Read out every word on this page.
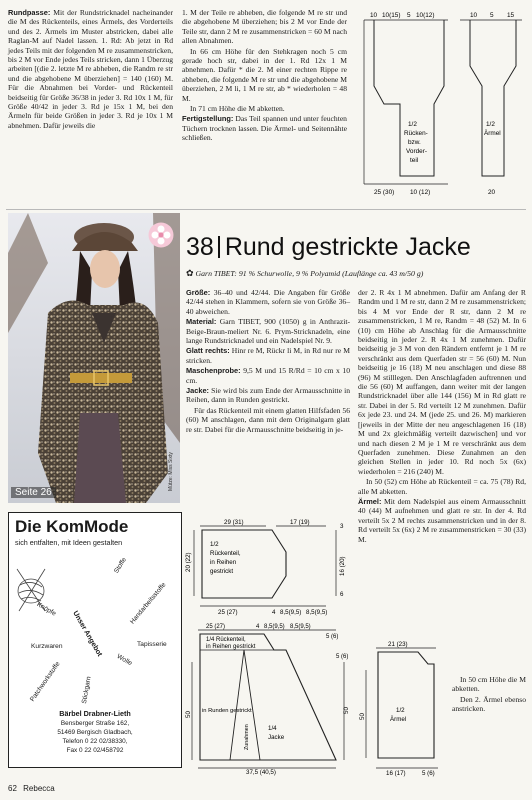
Rundpasse: Mit der Rundstricknadel nacheinander die M des Rückenteils, eines Ärmels, des Vorderteils und des 2. Ärmels im Muster abstricken, dabei alle Raglan-M auf Nadel lassen. 1. Rd: Ab jetzt in Rd jedes Teils mit der folgenden M re zusammenstricken, bis 2 M vor Ende jedes Teils stricken, dann 1 Überzug arbeiten [(die 2. letzte M re abheben, die Randm re str und die abgehobene M überziehen] = 140 (160) M. Für die Abnahmen bei Vorder- und Rückenteil beidseitig für Größe 36/38 in jeder 3. Rd 10x 1 M, für Größe 40/42 in jeder 3. Rd je 15x 1 M, bei den Ärmeln für beide Größen in jeder 3. Rd je 10x 1 M abnehmen. Dafür jeweils die

1. M der Teile re abheben, die folgende M re str und die abgehobene M überziehen; bis 2 M vor Ende der Teile str, dann 2 M re zusammenstricken = 60 M nach allen Abnahmen.

In 66 cm Höhe für den Stehkragen noch 5 cm gerade hoch str, dabei in der 1. Rd 12x 1 M abnehmen. Dafür * die 2. M einer rechten Rippe re abheben, die folgende M re str und die abgehobene M überziehen, 2 M li, 1 M re str, ab * wiederholen = 48 M.

In 71 cm Höhe die M abketten.

Fertigstellung: Das Teil spannen und unter feuchten Tüchern trocknen lassen. Die Ärmel- und Seitennähte schließen.

10 10(15) 5 10(12)	10 5 15
1/2
Rücken-
bzw.
Vorder-
teil
1/2
Ärmel
25 (30) 10 (12)	20
Seite 26
Mütze: Miss Sixty
38 Rund gestrickte Jacke
✿ Garn TIBET: 91 % Schurwolle, 9 % Polyamid (Lauflänge ca. 43 m/50 g)

Größe: 36–40 und 42/44. Die Angaben für Größe 42/44 stehen in Klammern, sofern sie von Größe 36–40 abweichen.

Material: Garn TIBET, 900 (1050) g in Anthrazit-Beige-Braun-meliert Nr. 6. Prym-Stricknadeln, eine lange Rundstricknadel und ein Nadelspiel Nr. 9.

Glatt rechts: Hinr re M, Rückr li M, in Rd nur re M stricken.

Maschenprobe: 9,5 M und 15 R/Rd = 10 cm x 10 cm.

Jacke: Sie wird bis zum Ende der Armausschnitte in Reihen, dann in Runden gestrickt.

Für das Rückenteil mit einem glatten Hilfsfaden 56 (60) M anschlagen, dann mit dem Originalgarn glatt re str. Dabei für die Armausschnitte beidseitig in je-

der 2. R 4x 1 M abnehmen. Dafür am Anfang der R Randm und 1 M re str, dann 2 M re zusammenstricken; bis 4 M vor Ende der R str, dann 2 M re zusammenstricken, 1 M re, Randm = 48 (52) M. In 6 (10) cm Höhe ab Anschlag für die Armausschnitte beidseitig in jeder 2. R 4x 1 M zunehmen. Dafür beidseitig je 3 M von den Rändern entfernt je 1 M re verschränkt aus dem Querfaden str = 56 (60) M. Nun beidseitig je 16 (18) M neu anschlagen und diese 88 (96) M stilllegen. Den Anschlagfaden auftrennen und die 56 (60) M auffangen, dann weiter mit der langen Rundstricknadel über alle 144 (156) M in Rd glatt re str. Dabei in der 5. Rd verteilt 12 M zunehmen. Dafür 6x jede 23. und 24. M (jede 25. und 26. M) markieren [jeweils in der Mitte der neu angeschlagenen 16 (18) M und 2x gleichmäßig verteilt dazwischen] und vor und nach diesen 2 M je 1 M re verschränkt aus dem Querfaden zunehmen. Diese Zunahmen an den gleichen Stellen in jeder 10. Rd noch 5x (6x) wiederholen = 216 (240) M.

In 50 (52) cm Höhe ab Rückenteil = ca. 75 (78) Rd, alle M abketten.

Ärmel: Mit dem Nadelspiel aus einem Armausschnitt 40 (44) M aufnehmen und glatt re str. In der 4. Rd verteilt 5x 2 M rechts zusammenstricken und in der 8. Rd verteilt 5x (6x) 2 M re zusammenstricken = 30 (33) M.

In 50 cm Höhe die M abketten.

Den 2. Ärmel ebenso anstricken.

Die KomMode
sich entfalten, mit Ideen gestalten
Stoffe
Handarbeitsstoffe
Knöpfe
Tapisserie
Kurzwaren
Wolle
Patchworkstoffe	Stickgarn
Unser Angebot
Bärbel Drabner-Lieth
Bensberger Straße 162,
51469 Bergisch Gladbach,
Telefon 0 22 02/38330,
Fax 0 22 02/458792
29 (31)	17 (19)
3
20 (22)	16 (20)
1/2
Rückenteil,
in Reihen
gestrickt
25 (27)	4 8,5(9,5) 8,5(9,5)
6
25 (27)	4 8,5(9,5) 8,5(9,5)
5 (6)
1/4 Rückenteil,
in Reihen gestrickt
in Runden gestrickt
Zunahmen	1/4
Jacke
50
50
37,5 (40,5)
5 (6)
21 (23)
1/2
Ärmel
50
16 (17)	5 (6)
62 Rebecca
